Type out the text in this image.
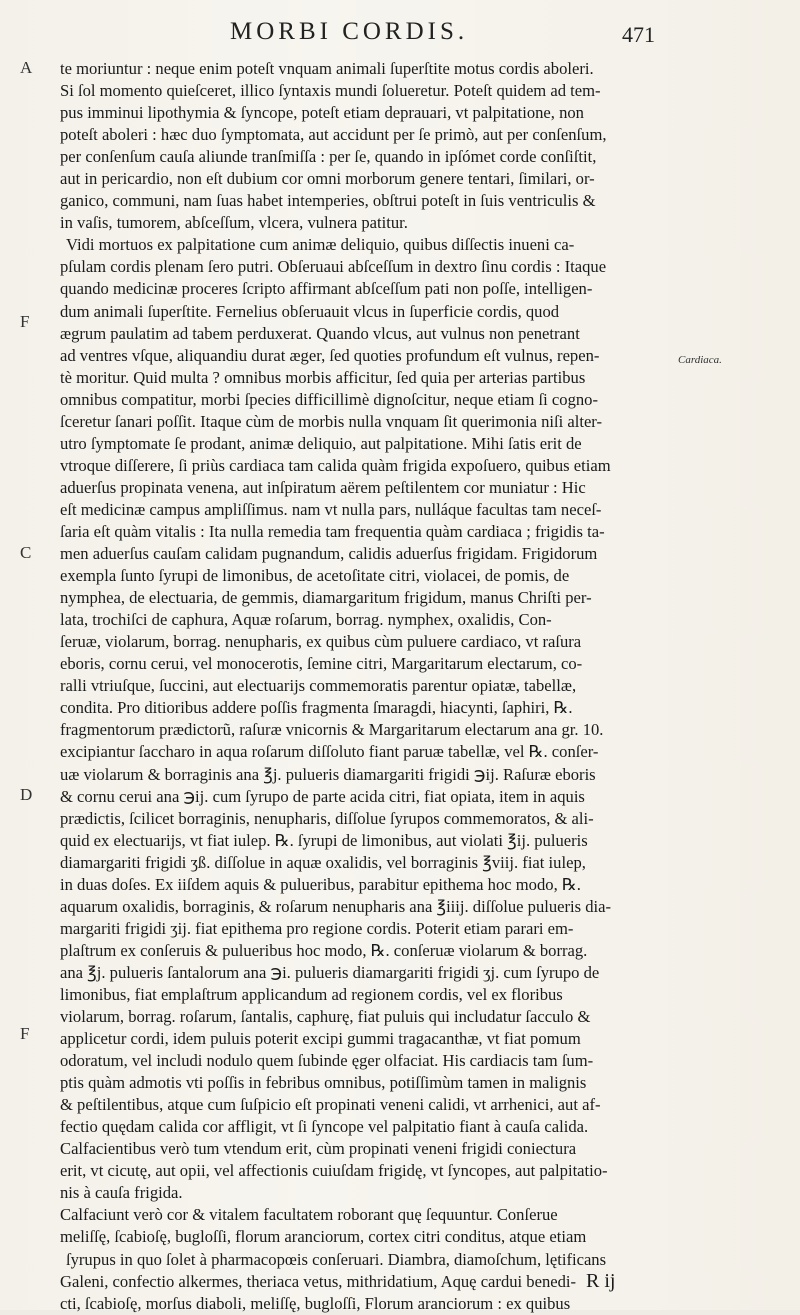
MORBI CORDIS.	471
A
F
C
D
F
Cardiaca.
te moriuntur : neque enim poteſt vnquam animali ſuperſtite motus cordis aboleri.
Si ſol momento quieſceret, illico ſyntaxis mundi ſolueretur. Poteſt quidem ad tem-
pus imminui lipothymia & ſyncope, poteſt etiam deprauari, vt palpitatione, non
poteſt aboleri : hæc duo ſymptomata, aut accidunt per ſe primò, aut per conſenſum,
per conſenſum cauſa aliunde tranſmiſſa : per ſe, quando in ipſómet corde conſiſtit,
aut in pericardio, non eſt dubium cor omni morborum genere tentari, ſimilari, or-
ganico, communi, nam ſuas habet intemperies, obſtrui poteſt in ſuis ventriculis &
in vaſis, tumorem, abſceſſum, vlcera, vulnera patitur.
Vidi mortuos ex palpitatione cum animæ deliquio, quibus diſſectis inueni ca-
pſulam cordis plenam ſero putri. Obſeruaui abſceſſum in dextro ſinu cordis : Itaque
quando medicinæ proceres ſcripto affirmant abſceſſum pati non poſſe, intelligen-
dum animali ſuperſtite. Fernelius obſeruauit vlcus in ſuperficie cordis, quod
ægrum paulatim ad tabem perduxerat. Quando vlcus, aut vulnus non penetrant
ad ventres vſque, aliquandiu durat æger, ſed quoties profundum eſt vulnus, repen-
tè moritur. Quid multa ? omnibus morbis afficitur, ſed quia per arterias partibus
omnibus compatitur, morbi ſpecies difficillimè dignoſcitur, neque etiam ſi cogno-
ſceretur ſanari poſſit. Itaque cùm de morbis nulla vnquam ſit querimonia niſi alter-
utro ſymptomate ſe prodant, animæ deliquio, aut palpitatione. Mihi ſatis erit de
vtroque diſſerere, ſi priùs cardiaca tam calida quàm frigida expoſuero, quibus etiam
aduerſus propinata venena, aut inſpiratum aërem peſtilentem cor muniatur : Hic
eſt medicinæ campus ampliſſimus. nam vt nulla pars, nulláque facultas tam neceſ-
ſaria eſt quàm vitalis : Ita nulla remedia tam frequentia quàm cardiaca ; frigidis ta-
men aduerſus cauſam calidam pugnandum, calidis aduerſus frigidam. Frigidorum
exempla ſunto ſyrupi de limonibus, de acetoſitate citri, violacei, de pomis, de
nymphea, de electuaria, de gemmis, diamargaritum frigidum, manus Chriſti per-
lata, trochiſci de caphura, Aquæ roſarum, borrag. nymphex, oxalidis, Con-
ſeruæ, violarum, borrag. nenupharis, ex quibus cùm puluere cardiaco, vt raſura
eboris, cornu cerui, vel monocerotis, ſemine citri, Margaritarum electarum, co-
ralli vtriuſque, ſuccini, aut electuarijs commemoratis parentur opiatæ, tabellæ,
condita. Pro ditioribus addere poſſis fragmenta ſmaragdi, hiacynti, ſaphiri, ℞.
fragmentorum prædictorũ, raſuræ vnicornis & Margaritarum electarum ana gr. 10.
excipiantur ſaccharo in aqua roſarum diſſoluto fiant paruæ tabellæ, vel ℞. conſer-
uæ violarum & borraginis ana ℥j. pulueris diamargariti frigidi ℈ij. Raſuræ eboris
& cornu cerui ana ℈ij. cum ſyrupo de parte acida citri, fiat opiata, item in aquis
prædictis, ſcilicet borraginis, nenupharis, diſſolue ſyrupos commemoratos, & ali-
quid ex electuarijs, vt fiat iulep. ℞. ſyrupi de limonibus, aut violati ℥ij. pulueris
diamargariti frigidi ʒß. diſſolue in aquæ oxalidis, vel borraginis ℥viij. fiat iulep,
in duas doſes. Ex iiſdem aquis & pulueribus, parabitur epithema hoc modo, ℞.
aquarum oxalidis, borraginis, & roſarum nenupharis ana ℥iiij. diſſolue pulueris dia-
margariti frigidi ʒij. fiat epithema pro regione cordis. Poterit etiam parari em-
plaſtrum ex conſeruis & pulueribus hoc modo, ℞. conſeruæ violarum & borrag.
ana ℥j. pulueris ſantalorum ana ℈i. pulueris diamargariti frigidi ʒj. cum ſyrupo de
limonibus, fiat emplaſtrum applicandum ad regionem cordis, vel ex floribus
violarum, borrag. roſarum, ſantalis, caphurę, fiat puluis qui includatur ſacculo &
applicetur cordi, idem puluis poterit excipi gummi tragacanthæ, vt fiat pomum
odoratum, vel includi nodulo quem ſubinde ęger olfaciat. His cardiacis tam ſum-
ptis quàm admotis vti poſſis in febribus omnibus, potiſſimùm tamen in malignis
& peſtilentibus, atque cum ſuſpicio eſt propinati veneni calidi, vt arrhenici, aut af-
fectio quędam calida cor affligit, vt ſi ſyncope vel palpitatio fiant à cauſa calida.
Calfacientibus verò tum vtendum erit, cùm propinati veneni frigidi coniectura
erit, vt cicutę, aut opii, vel affectionis cuiuſdam frigidę, vt ſyncopes, aut palpitatio-
nis à cauſa frigida.
Calfaciunt verò cor & vitalem facultatem roborant quę ſequuntur. Conſerue
meliſſę, ſcabioſę, bugloſſi, florum aranciorum, cortex citri conditus, atque etiam
ſyrupus in quo ſolet à pharmacopœis conſeruari. Diambra, diamoſchum, lętificans
Galeni, confectio alkermes, theriaca vetus, mithridatium, Aquę cardui benedi-
cti, ſcabioſę, morſus diaboli, meliſſę, bugloſſi, Florum aranciorum : ex quibus
R ij
